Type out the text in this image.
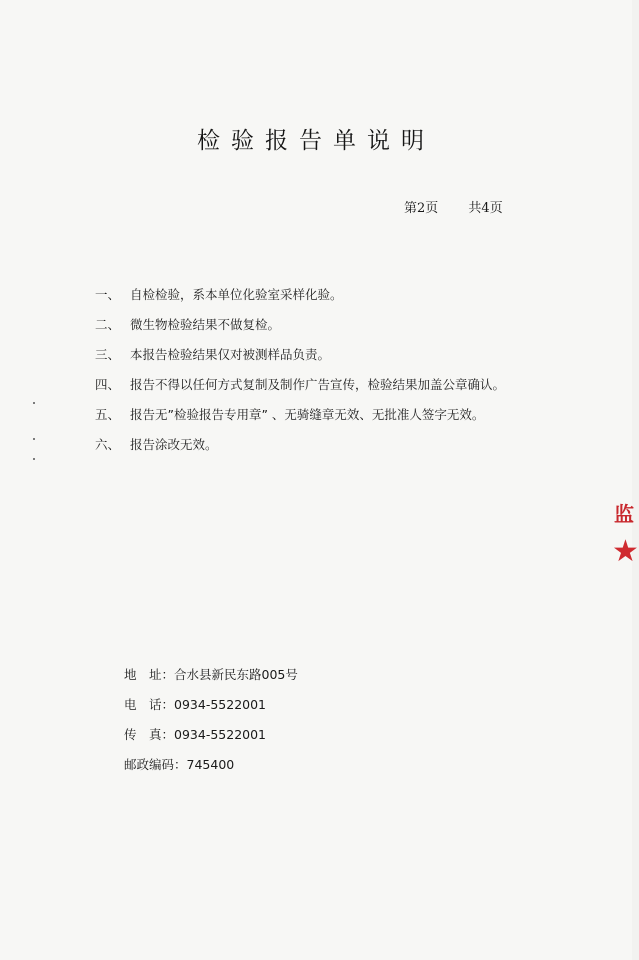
检验报告单说明
第2页 共4页
一、 自检检验，系本单位化验室采样化验。
二、 微生物检验结果不做复检。
三、 本报告检验结果仅对被测样品负责。
四、 报告不得以任何方式复制及制作广告宣传，检验结果加盖公章确认。
五、 报告无”检验报告专用章” 、无骑缝章无效、无批准人签字无效。
六、 报告涂改无效。
地　址：合水县新民东路005号
电　话：0934-5522001
传　真：0934-5522001
邮政编码：745400
监
★
